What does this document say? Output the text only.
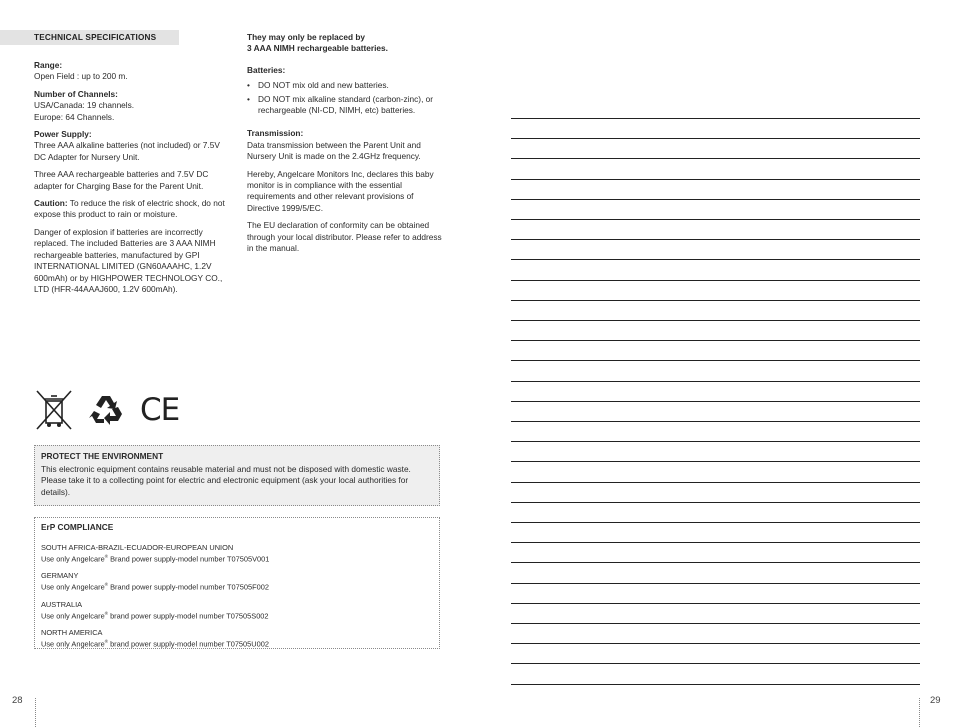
TECHNICAL SPECIFICATIONS

Range:
Open Field : up to 200 m.

Number of Channels:
USA/Canada: 19 channels.
Europe: 64 Channels.

Power Supply:
Three AAA alkaline batteries (not included) or 7.5V DC Adapter for Nursery Unit.

Three AAA rechargeable batteries and 7.5V DC adapter for Charging Base for the Parent Unit.

Caution: To reduce the risk of electric shock, do not expose this product to rain or moisture.

Danger of explosion if batteries are incorrectly replaced. The included Batteries are 3 AAA NIMH rechargeable batteries, manufactured by GPI INTERNATIONAL LIMITED (GN60AAAHC, 1.2V 600mAh) or by HIGHPOWER TECHNOLOGY CO., LTD (HFR-44AAAJ600, 1.2V 600mAh).

They may only be replaced by
3 AAA NIMH rechargeable batteries.

Batteries:

• DO NOT mix old and new batteries.
• DO NOT mix alkaline standard (carbon-zinc), or rechargeable (NI-CD, NIMH, etc) batteries.

Transmission:
Data transmission between the Parent Unit and Nursery Unit is made on the 2.4GHz frequency.

Hereby, Angelcare Monitors Inc, declares this baby monitor is in compliance with the essential requirements and other relevant provisions of Directive 1999/5/EC.

The EU declaration of conformity can be obtained through your local distributor. Please refer to address in the manual.

CE
PROTECT THE ENVIRONMENT
This electronic equipment contains reusable material and must not be disposed with domestic waste. Please take it to a collecting point for electric and electronic equipment (ask your local authorities for details).
ErP COMPLIANCE
SOUTH AFRICA-BRAZIL-ECUADOR-EUROPEAN UNION
Use only Angelcare® Brand power supply-model number T07505V001
GERMANY
Use only Angelcare® Brand power supply-model number T07505F002
AUSTRALIA
Use only Angelcare® brand power supply-model number T07505S002
NORTH AMERICA
Use only Angelcare® brand power supply-model number T07505U002
28	29
